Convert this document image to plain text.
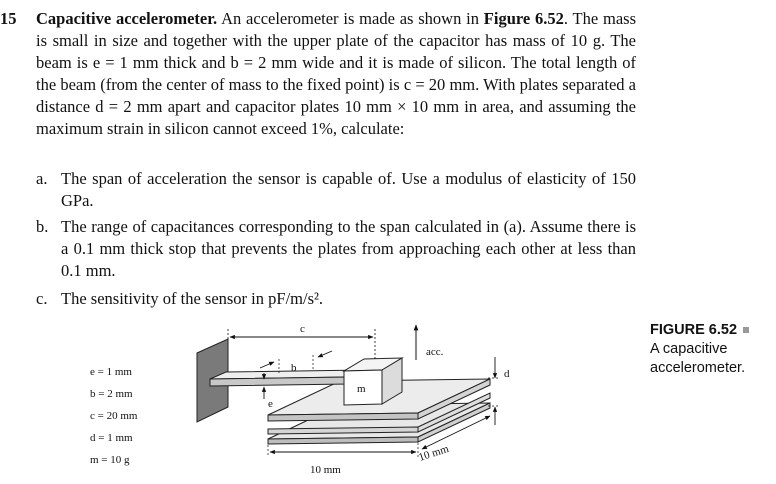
15 Capacitive accelerometer. An accelerometer is made as shown in Figure 6.52. The mass is small in size and together with the upper plate of the capacitor has mass of 10 g. The beam is e = 1 mm thick and b = 2 mm wide and it is made of silicon. The total length of the beam (from the center of mass to the fixed point) is c = 20 mm. With plates separated a distance d = 2 mm apart and capacitor plates 10 mm × 10 mm in area, and assuming the maximum strain in silicon cannot exceed 1%, calculate:
a. The span of acceleration the sensor is capable of. Use a modulus of elasticity of 150 GPa.
b. The range of capacitances corresponding to the span calculated in (a). Assume there is a 0.1 mm thick stop that prevents the plates from approaching each other at less than 0.1 mm.
c. The sensitivity of the sensor in pF/m/s².
FIGURE 6.52
A capacitive accelerometer.
m
c
b
e
acc.
d
10 mm
10 mm
e = 1 mm
b = 2 mm
c = 20 mm
d = 1 mm
m = 10 g
